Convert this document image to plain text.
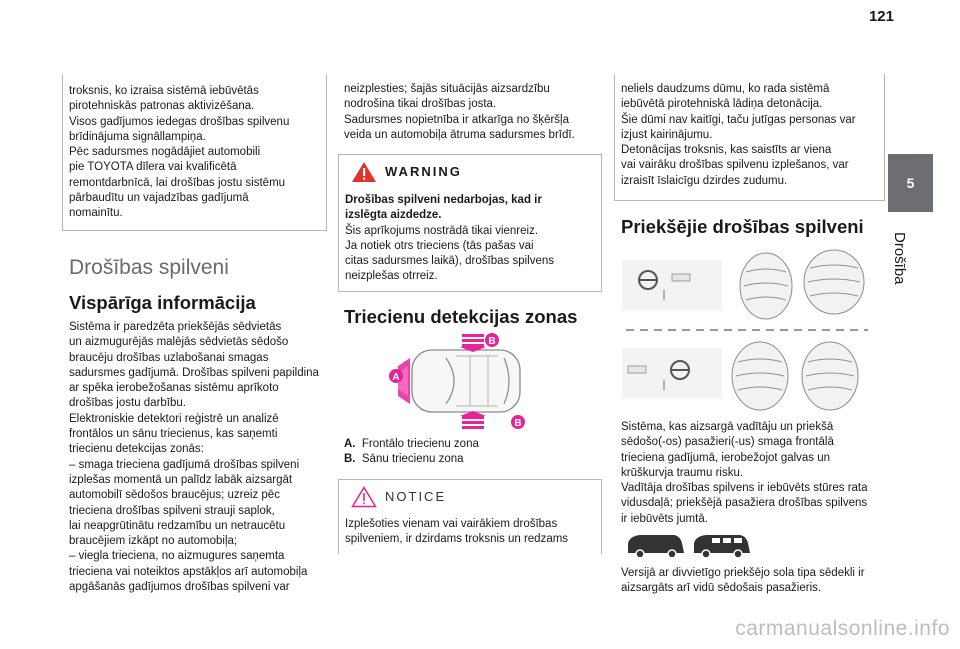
121
5
Drošība
troksnis, ko izraisa sistēmā iebūvētās
pirotehniskās patronas aktivizēšana.
Visos gadījumos iedegas drošības spilvenu
brīdinājuma signāllampiņa.
Pēc sadursmes nogādājiet automobili
pie TOYOTA dīlera vai kvalificētā
remontdarbnīcā, lai drošības jostu sistēmu
pārbaudītu un vajadzības gadījumā
nomainītu.
Drošības spilveni
Vispārīga informācija
Sistēma ir paredzēta priekšējās sēdvietās
un aizmugurējās malējās sēdvietās sēdošo
braucēju drošības uzlabošanai smagas
sadursmes gadījumā. Drošības spilveni papildina
ar spēka ierobežošanas sistēmu aprīkoto
drošības jostu darbību.
Elektroniskie detektori reģistrē un analizē
frontālos un sānu triecienus, kas saņemti
triecienu detekcijas zonās:
– smaga trieciena gadījumā drošības spilveni
izplešas momentā un palīdz labāk aizsargāt
automobilī sēdošos braucējus; uzreiz pēc
trieciena drošības spilveni strauji saplok,
lai neapgrūtinātu redzamību un netraucētu
braucējiem izkāpt no automobiļa;
– viegla trieciena, no aizmugures saņemta
trieciena vai noteiktos apstākļos arī automobiļa
apgāšanās gadījumos drošības spilveni var
neizplesties; šajās situācijās aizsardzību
nodrošina tikai drošības josta.
Sadursmes nopietnība ir atkarīga no šķēršļa
veida un automobiļa ātruma sadursmes brīdī.
WARNING
Drošības spilveni nedarbojas, kad ir
izslēgta aizdedze.
Šis aprīkojums nostrādā tikai vienreiz.
Ja notiek otrs trieciens (tās pašas vai
citas sadursmes laikā), drošības spilvens
neizplešas otrreiz.
Triecienu detekcijas zonas
A
B
B
A. Frontālo triecienu zona
B. Sānu triecienu zona
NOTICE
Izplešoties vienam vai vairākiem drošības
spilveniem, ir dzirdams troksnis un redzams
neliels daudzums dūmu, ko rada sistēmā
iebūvētā pirotehniskā lādiņa detonācija.
Šie dūmi nav kaitīgi, taču jutīgas personas var
izjust kairinājumu.
Detonācijas troksnis, kas saistīts ar viena
vai vairāku drošības spilvenu izplešanos, var
izraisīt īslaicīgu dzirdes zudumu.
Priekšējie drošības spilveni
Sistēma, kas aizsargā vadītāju un priekšā
sēdošo(-os) pasažieri(-us) smaga frontālā
trieciena gadījumā, ierobežojot galvas un
krūškurvja traumu risku.
Vadītāja drošības spilvens ir iebūvēts stūres rata
vidusdaļā; priekšējā pasažiera drošības spilvens
ir iebūvēts jumtā.
Versijā ar divvietīgo priekšējo sola tipa sēdekli ir
aizsargāts arī vidū sēdošais pasažieris.
carmanualsonline.info
